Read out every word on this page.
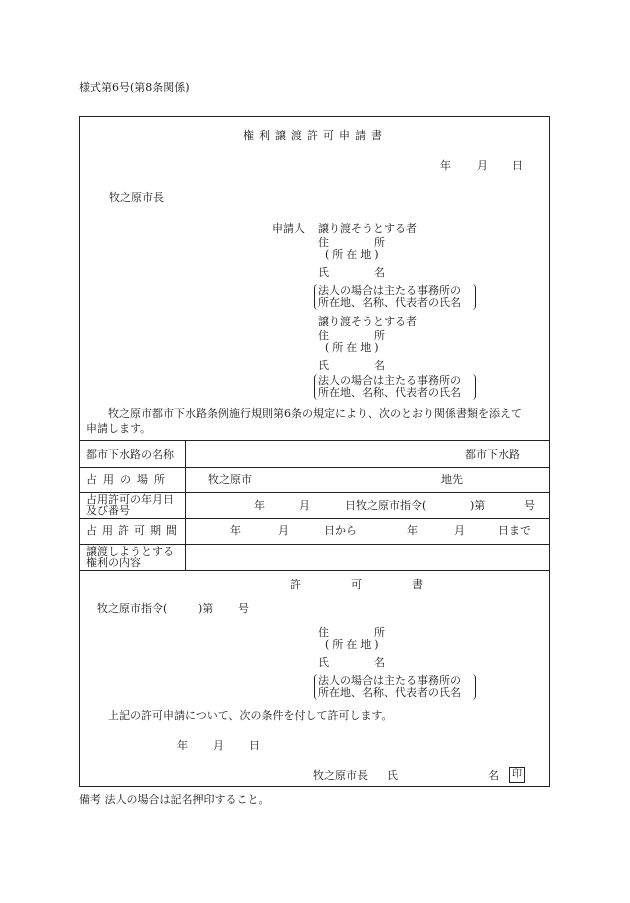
様式第6号(第8条関係)
権利譲渡許可申請書
年 月 日
牧之原市長
申請人 譲り渡そうとする者
住所
(所在地)
氏名
法人の場合は主たる事務所の
所在地、名称、代表者の氏名
譲り渡そうとする者
住所
(所在地)
氏名
法人の場合は主たる事務所の
所在地、名称、代表者の氏名
牧之原市都市下水路条例施行規則第6条の規定により、次のとおり関係書類を添えて
申請します。
都市下水路の名称	都市下水路
占用の場所	牧之原市	地先
占用許可の年月日
及び番号	年	月	日牧之原市指令(	)第	号
占用許可期間	年	月	日から	年	月	日まで
譲渡しようとする
権利の内容
許可書
牧之原市指令(	)第 号
住所
(所在地)
氏名
法人の場合は主たる事務所の
所在地、名称、代表者の氏名
上記の許可申請について、次の条件を付して許可します。
年 月 日
牧之原市長 氏	名	印
備考 法人の場合は記名押印すること。
